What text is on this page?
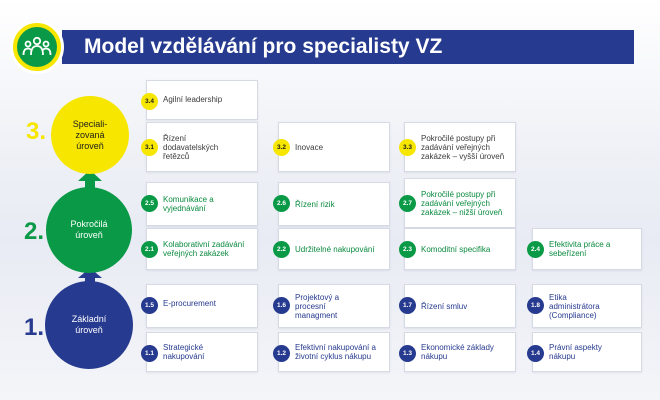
Model vzdělávání pro specialisty VZ
3.
2.
1.
Speciali-
zovaná
úroveň
Pokročilá
úroveň
Základní
úroveň
3.4	Agilní leadership
3.1
Řízení dodavatelských řetězců
3.2	Inovace	3.3
Pokročilé postupy při zadávání veřejných zakázek – vyšší úroveň
2.5	Komunikace a vyjednávání
2.6	Řízení rizik	2.7
Pokročilé postupy při zadávání veřejných zakázek – nižší úroveň
2.1
Kolaborativní zadávání veřejných zakázek	2.2	Udržitelné nakupování	2.3	Komoditní specifika	2.4
Efektivita práce a sebeřízení
1.5	E-procurement	1.6
Projektový a procesní managment
1.7	Řízení smluv	1.8
Etika administrátora (Compliance)
1.1
Strategické nakupování	1.2
Efektivní nakupování a životní cyklus nákupu	1.3
Ekonomické základy nákupu	1.4
Právní aspekty nákupu
